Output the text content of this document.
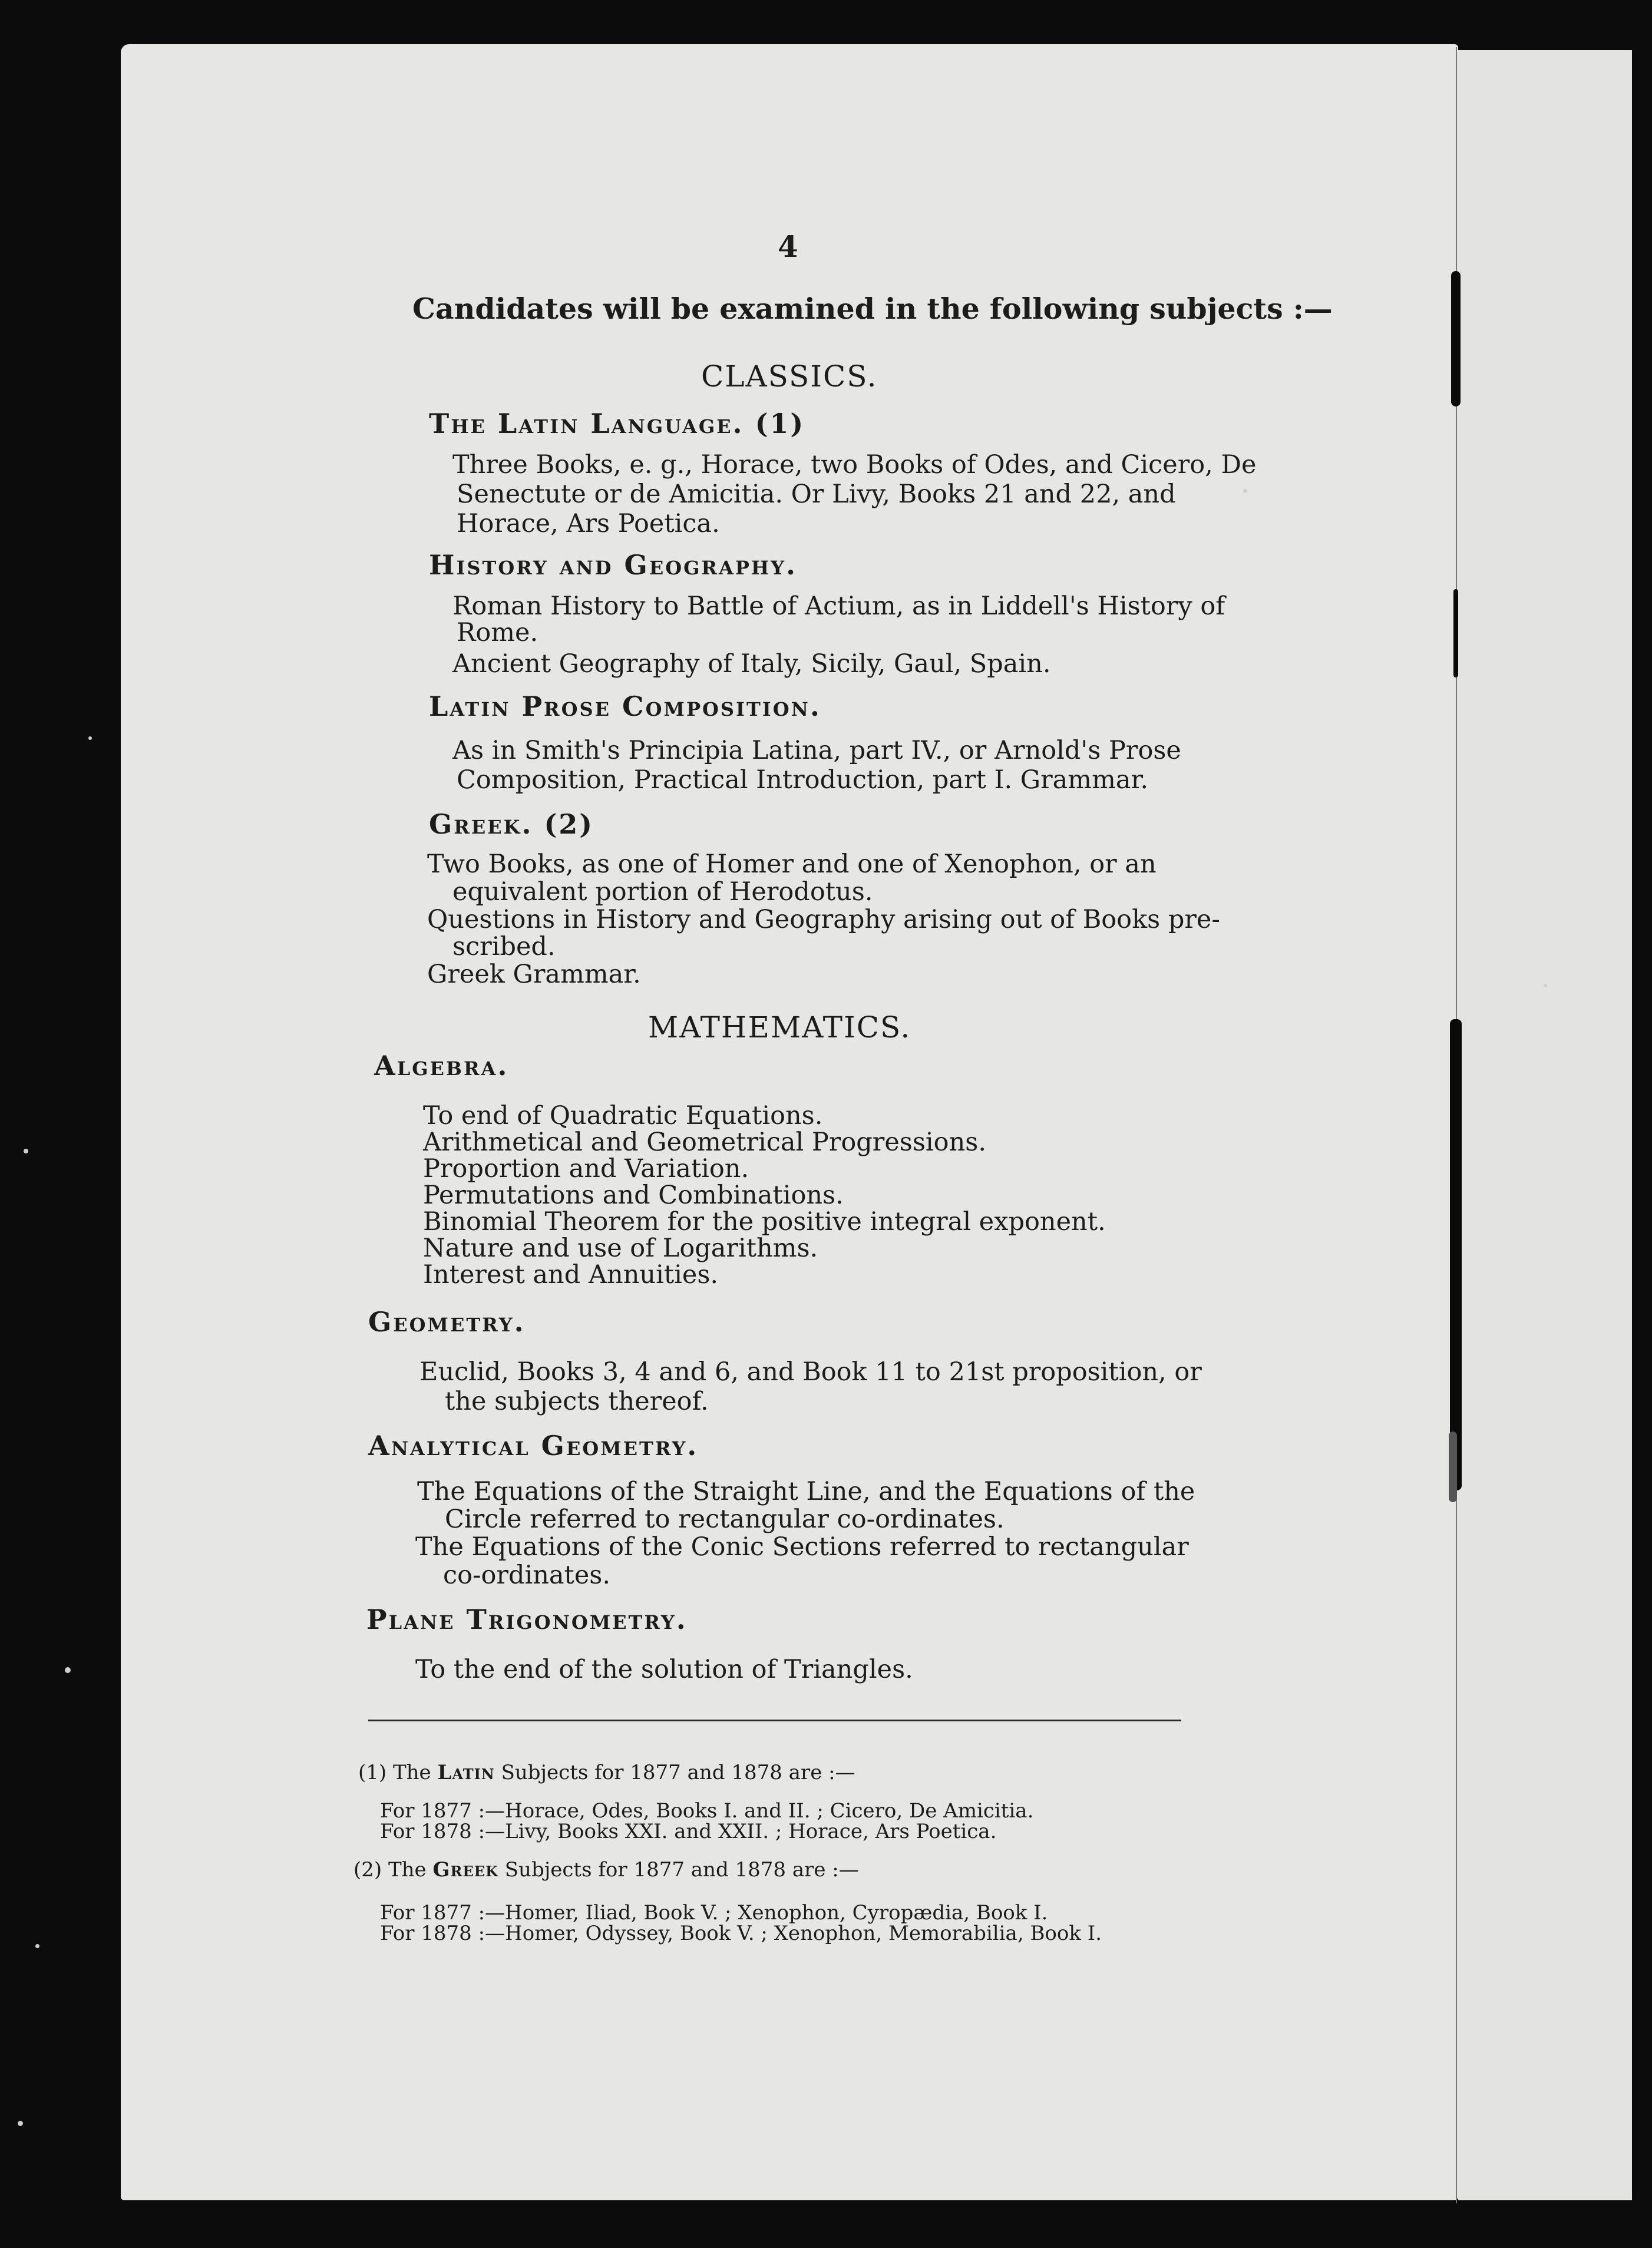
4

Candidates will be examined in the following subjects :—

CLASSICS.

The Latin Language. (1)

Three Books, e. g., Horace, two Books of Odes, and Cicero, De

Senectute or de Amicitia. Or Livy, Books 21 and 22, and

Horace, Ars Poetica.

History and Geography.

Roman History to Battle of Actium, as in Liddell's History of

Rome.

Ancient Geography of Italy, Sicily, Gaul, Spain.

Latin Prose Composition.

As in Smith's Principia Latina, part IV., or Arnold's Prose

Composition, Practical Introduction, part I. Grammar.

Greek. (2)

Two Books, as one of Homer and one of Xenophon, or an

equivalent portion of Herodotus.

Questions in History and Geography arising out of Books pre-

scribed.

Greek Grammar.

MATHEMATICS.

Algebra.

To end of Quadratic Equations.

Arithmetical and Geometrical Progressions.

Proportion and Variation.

Permutations and Combinations.

Binomial Theorem for the positive integral exponent.

Nature and use of Logarithms.

Interest and Annuities.

Geometry.

Euclid, Books 3, 4 and 6, and Book 11 to 21st proposition, or

the subjects thereof.

Analytical Geometry.

The Equations of the Straight Line, and the Equations of the

Circle referred to rectangular co-ordinates.

The Equations of the Conic Sections referred to rectangular

co-ordinates.

Plane Trigonometry.

To the end of the solution of Triangles.

(1) The Latin Subjects for 1877 and 1878 are :—

For 1877 :—Horace, Odes, Books I. and II. ; Cicero, De Amicitia.

For 1878 :—Livy, Books XXI. and XXII. ; Horace, Ars Poetica.

(2) The Greek Subjects for 1877 and 1878 are :—

For 1877 :—Homer, Iliad, Book V. ; Xenophon, Cyropædia, Book I.

For 1878 :—Homer, Odyssey, Book V. ; Xenophon, Memorabilia, Book I.
